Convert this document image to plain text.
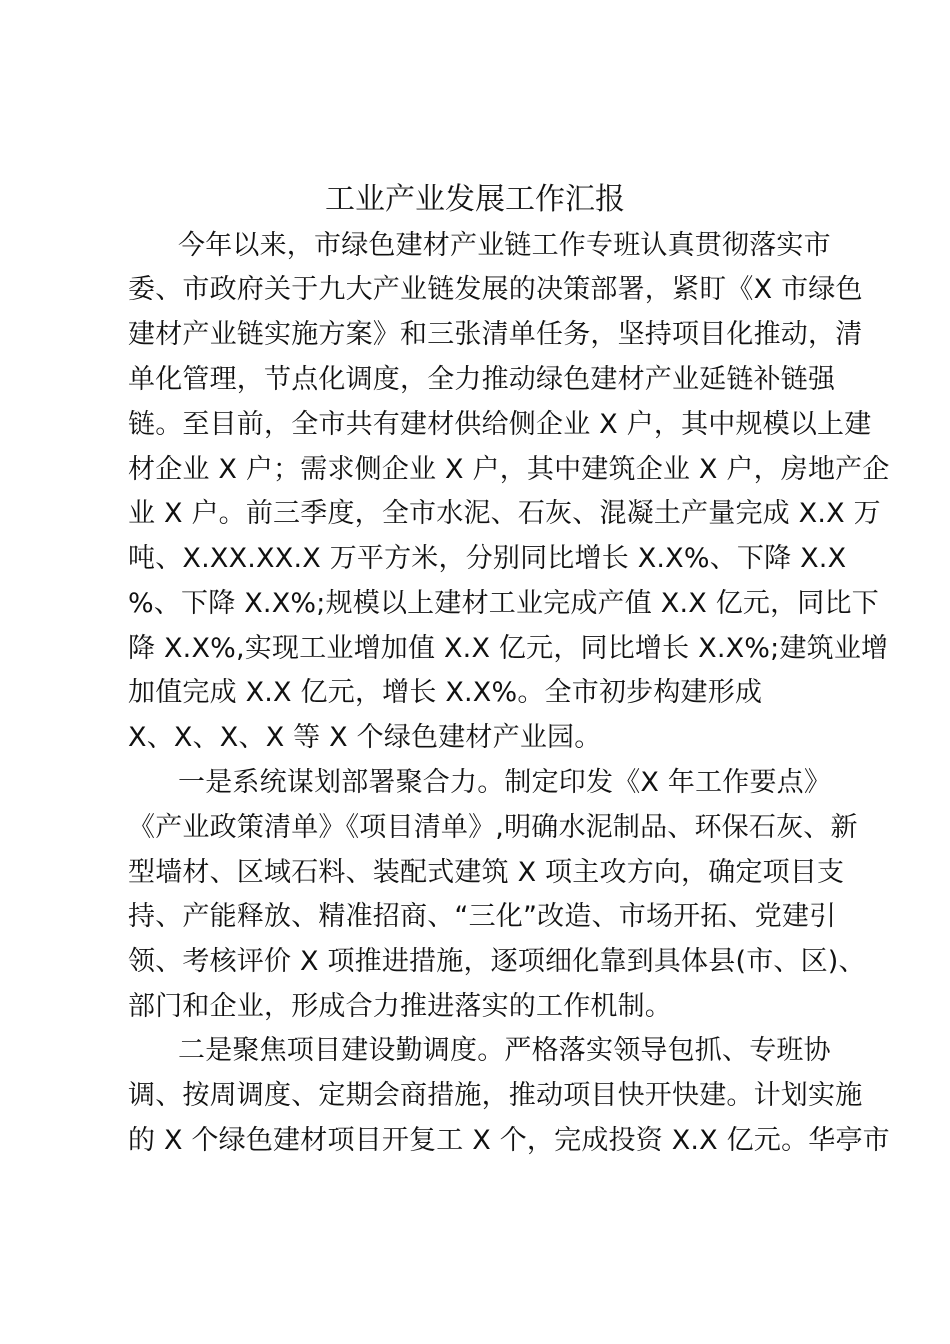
工业产业发展工作汇报
今年以来，市绿色建材产业链工作专班认真贯彻落实市
委、市政府关于九大产业链发展的决策部署，紧盯《X 市绿色
建材产业链实施方案》和三张清单任务，坚持项目化推动，清
单化管理，节点化调度，全力推动绿色建材产业延链补链强
链。至目前，全市共有建材供给侧企业 X 户，其中规模以上建
材企业 X 户；需求侧企业 X 户，其中建筑企业 X 户，房地产企
业 X 户。前三季度，全市水泥、石灰、混凝土产量完成 X.X 万
吨、X.XX.XX.X 万平方米，分别同比增长 X.X%、下降 X.X
%、下降 X.X%;规模以上建材工业完成产值 X.X 亿元，同比下
降 X.X%,实现工业增加值 X.X 亿元，同比增长 X.X%;建筑业增
加值完成 X.X 亿元，增长 X.X%。全市初步构建形成
X、X、X、X 等 X 个绿色建材产业园。
一是系统谋划部署聚合力。制定印发《X 年工作要点》
《产业政策清单》《项目清单》,明确水泥制品、环保石灰、新
型墙材、区域石料、装配式建筑 X 项主攻方向，确定项目支
持、产能释放、精准招商、“三化”改造、市场开拓、党建引
领、考核评价 X 项推进措施，逐项细化靠到具体县(市、区)、
部门和企业，形成合力推进落实的工作机制。
二是聚焦项目建设勤调度。严格落实领导包抓、专班协
调、按周调度、定期会商措施，推动项目快开快建。计划实施
的 X 个绿色建材项目开复工 X 个，完成投资 X.X 亿元。华亭市
